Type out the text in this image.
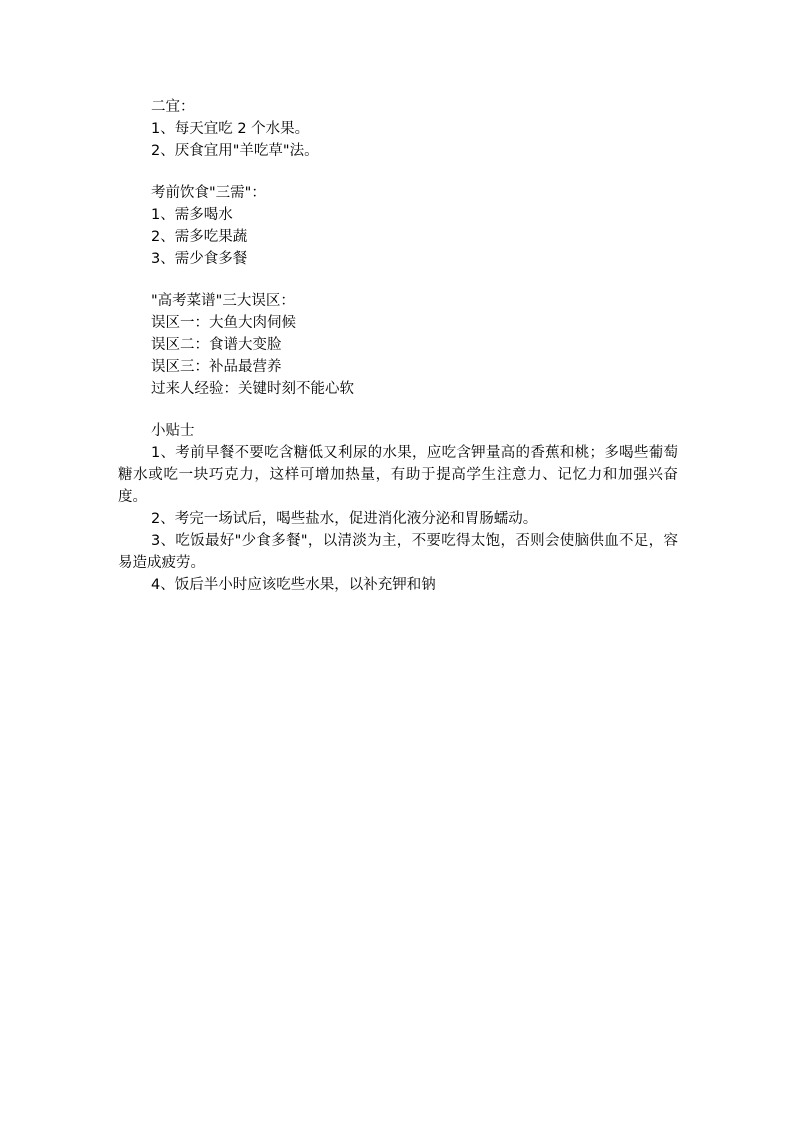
二宜：
1、每天宜吃 2 个水果。
2、厌食宜用"羊吃草"法。
考前饮食"三需"：
1、需多喝水
2、需多吃果蔬
3、需少食多餐
"高考菜谱"三大误区：
误区一：大鱼大肉伺候
误区二：食谱大变脸
误区三：补品最营养
过来人经验：关键时刻不能心软
小贴士
1、考前早餐不要吃含糖低又利尿的水果，应吃含钾量高的香蕉和桃；多喝些葡萄糖水或吃一块巧克力，这样可增加热量，有助于提高学生注意力、记忆力和加强兴奋度。
2、考完一场试后，喝些盐水，促进消化液分泌和胃肠蠕动。
3、吃饭最好"少食多餐"，以清淡为主，不要吃得太饱，否则会使脑供血不足，容易造成疲劳。
4、饭后半小时应该吃些水果，以补充钾和钠
